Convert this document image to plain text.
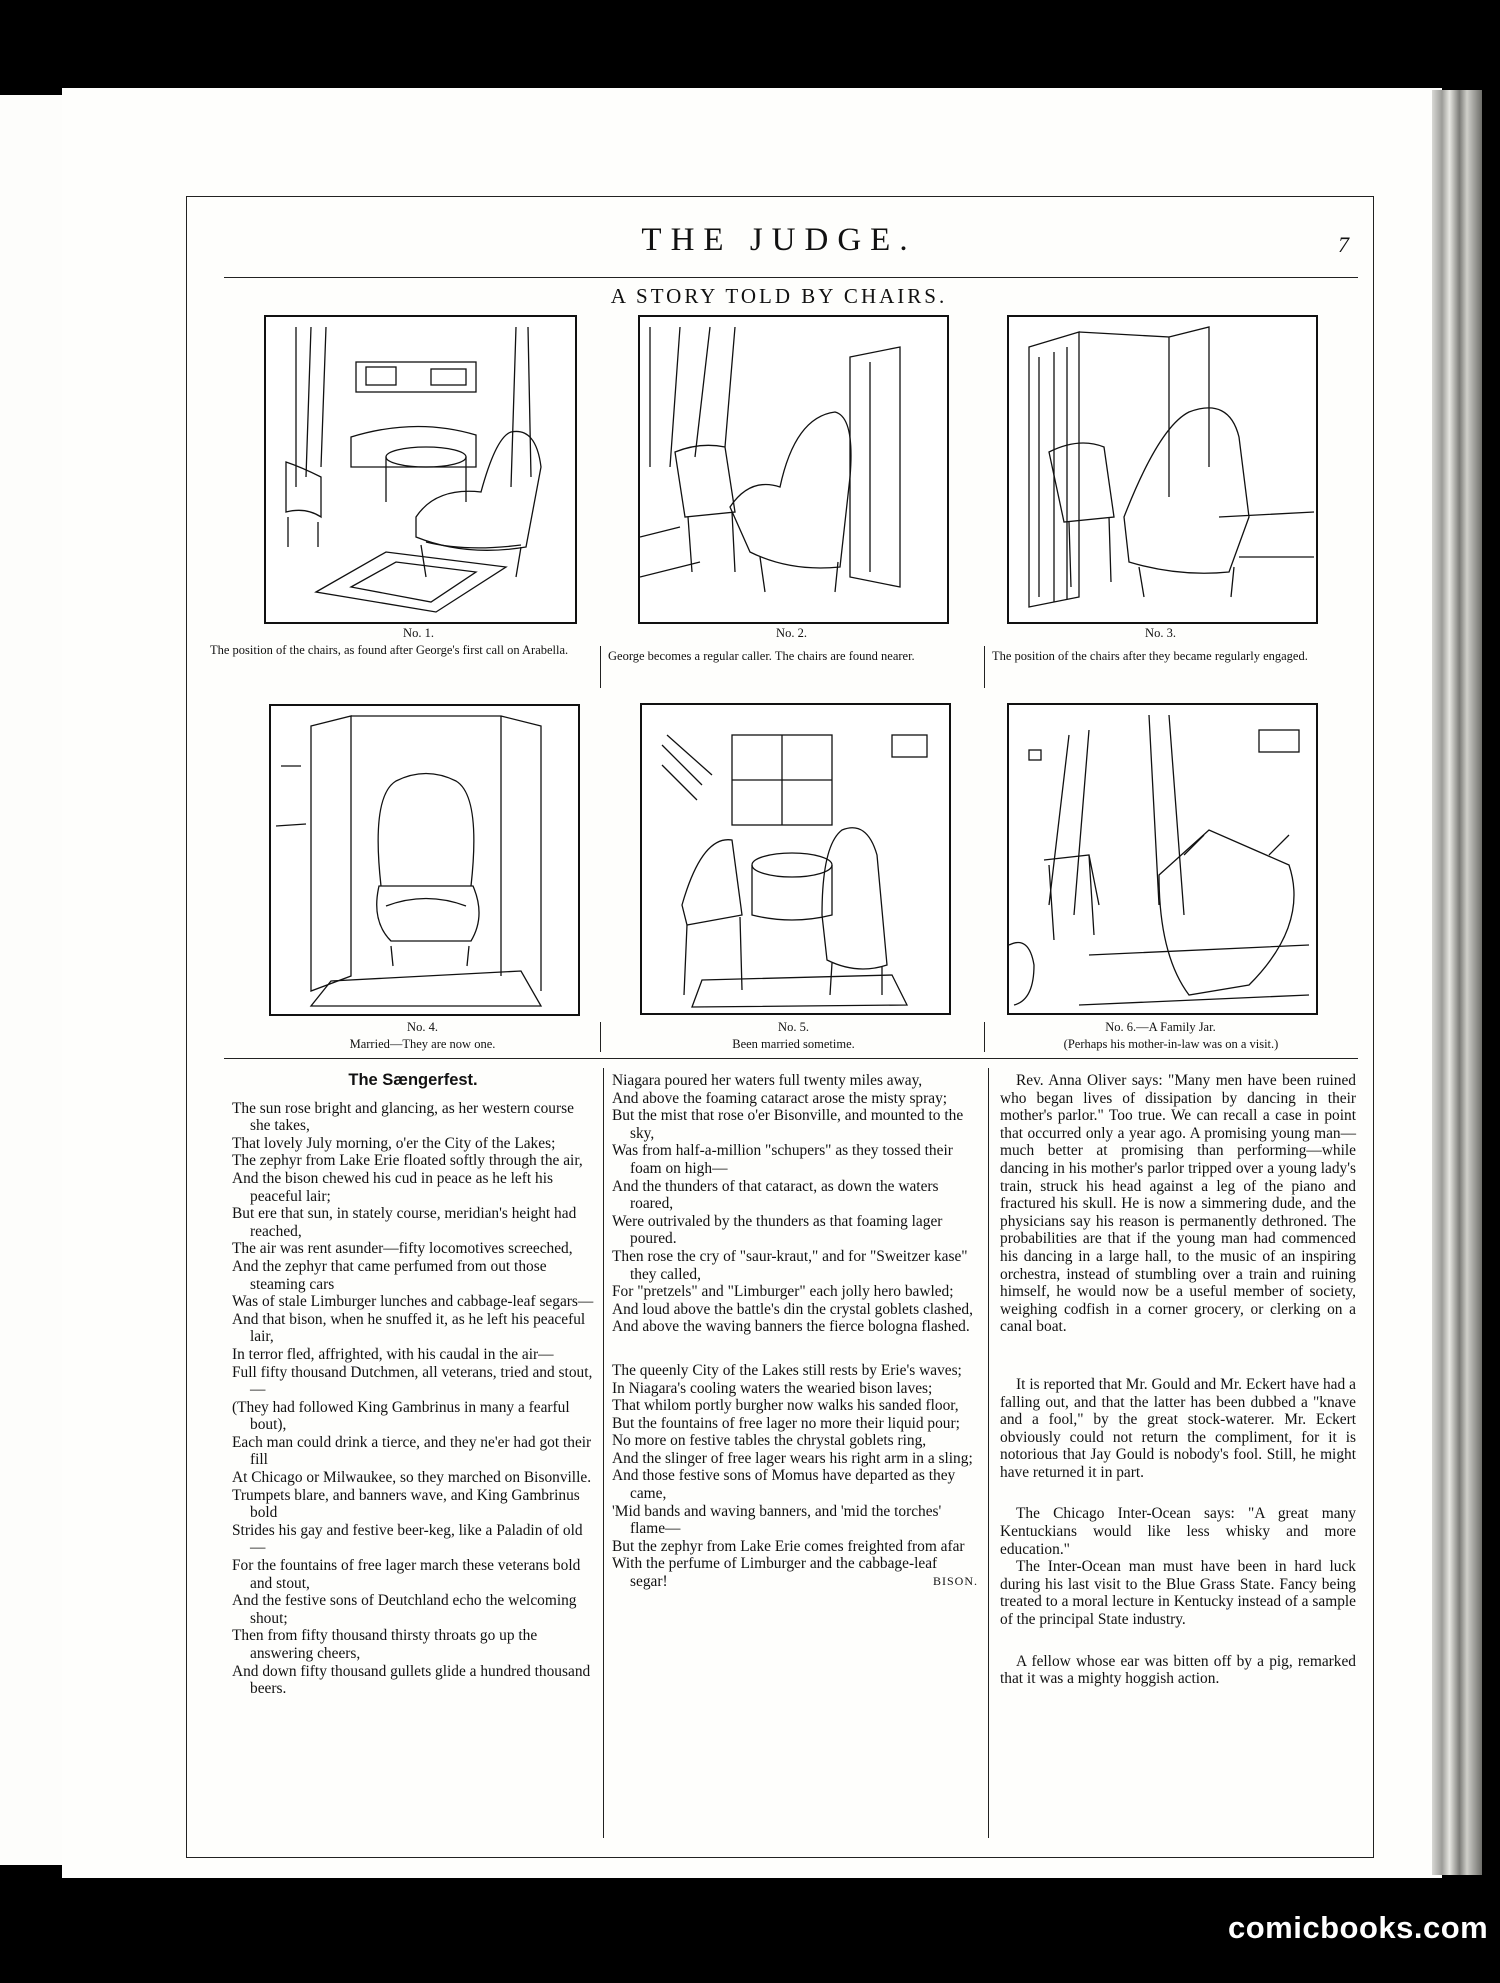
THE JUDGE.	7
A STORY TOLD BY CHAIRS.
No. 1.
The position of the chairs, as found after George's first call on Arabella.
No. 2.
George becomes a regular caller. The chairs are found nearer.
No. 3.
The position of the chairs after they became regularly engaged.
No. 4.
Married—They are now one.
No. 5.
Been married sometime.
No. 6.—A Family Jar.
(Perhaps his mother-in-law was on a visit.)
The Sængerfest.

The sun rose bright and glancing, as her western course she takes,

That lovely July morning, o'er the City of the Lakes;

The zephyr from Lake Erie floated softly through the air,

And the bison chewed his cud in peace as he left his peaceful lair;

But ere that sun, in stately course, meridian's height had reached,

The air was rent asunder—fifty locomotives screeched,

And the zephyr that came perfumed from out those steaming cars

Was of stale Limburger lunches and cabbage-leaf segars—

And that bison, when he snuffed it, as he left his peaceful lair,

In terror fled, affrighted, with his caudal in the air—

Full fifty thousand Dutchmen, all veterans, tried and stout,—

(They had followed King Gambrinus in many a fearful bout),

Each man could drink a tierce, and they ne'er had got their fill

At Chicago or Milwaukee, so they marched on Bisonville.

Trumpets blare, and banners wave, and King Gambrinus bold

Strides his gay and festive beer-keg, like a Paladin of old—

For the fountains of free lager march these veterans bold and stout,

And the festive sons of Deutchland echo the welcoming shout;

Then from fifty thousand thirsty throats go up the answering cheers,

And down fifty thousand gullets glide a hundred thousand beers.

Niagara poured her waters full twenty miles away,

And above the foaming cataract arose the misty spray;

But the mist that rose o'er Bisonville, and mounted to the sky,

Was from half-a-million "schupers" as they tossed their foam on high—

And the thunders of that cataract, as down the waters roared,

Were outrivaled by the thunders as that foaming lager poured.

Then rose the cry of "saur-kraut," and for "Sweitzer kase" they called,

For "pretzels" and "Limburger" each jolly hero bawled;

And loud above the battle's din the crystal goblets clashed,

And above the waving banners the fierce bologna flashed.

The queenly City of the Lakes still rests by Erie's waves;

In Niagara's cooling waters the wearied bison laves;

That whilom portly burgher now walks his sanded floor,

But the fountains of free lager no more their liquid pour;

No more on festive tables the chrystal goblets ring,

And the slinger of free lager wears his right arm in a sling;

And those festive sons of Momus have departed as they came,

'Mid bands and waving banners, and 'mid the torches' flame—

But the zephyr from Lake Erie comes freighted from afar

With the perfume of Limburger and the cabbage-leaf segar!	BISON.

Rev. Anna Oliver says: "Many men have been ruined who began lives of dissipation by dancing in their mother's parlor." Too true. We can recall a case in point that occurred only a year ago. A promising young man—much better at promising than performing—while dancing in his mother's parlor tripped over a young lady's train, struck his head against a leg of the piano and fractured his skull. He is now a simmering dude, and the physicians say his reason is permanently dethroned. The probabilities are that if the young man had commenced his dancing in a large hall, to the music of an inspiring orchestra, instead of stumbling over a train and ruining himself, he would now be a useful member of society, weighing codfish in a corner grocery, or clerking on a canal boat.

It is reported that Mr. Gould and Mr. Eckert have had a falling out, and that the latter has been dubbed a "knave and a fool," by the great stock-waterer. Mr. Eckert obviously could not return the compliment, for it is notorious that Jay Gould is nobody's fool. Still, he might have returned it in part.

The Chicago Inter-Ocean says: "A great many Kentuckians would like less whisky and more education."

The Inter-Ocean man must have been in hard luck during his last visit to the Blue Grass State. Fancy being treated to a moral lecture in Kentucky instead of a sample of the principal State industry.

A fellow whose ear was bitten off by a pig, remarked that it was a mighty hoggish action.

comicbooks.com
